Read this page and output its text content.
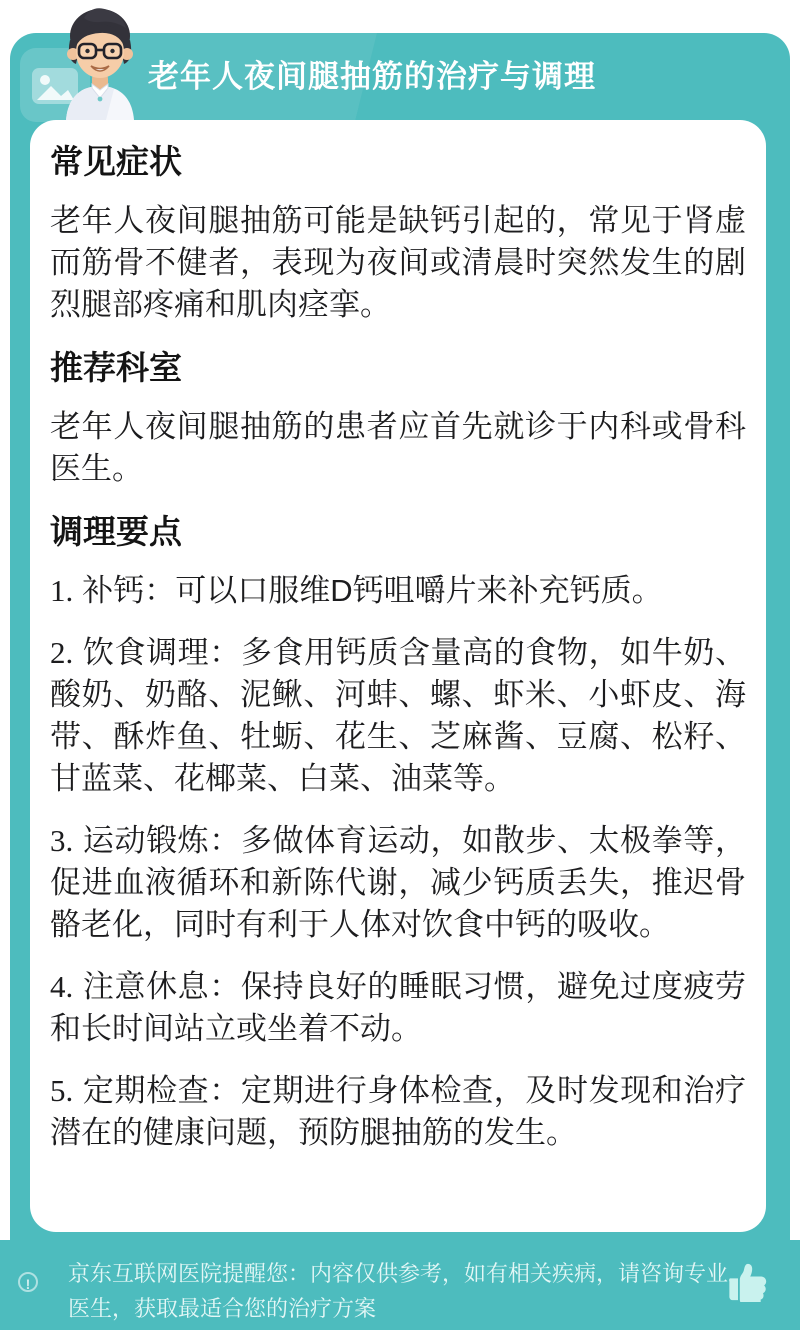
老年人夜间腿抽筋的治疗与调理
常见症状

老年人夜间腿抽筋可能是缺钙引起的，常见于肾虚而筋骨不健者，表现为夜间或清晨时突然发生的剧烈腿部疼痛和肌肉痉挛。

推荐科室

老年人夜间腿抽筋的患者应首先就诊于内科或骨科医生。

调理要点

1. 补钙：可以口服维D钙咀嚼片来补充钙质。

2. 饮食调理：多食用钙质含量高的食物，如牛奶、酸奶、奶酪、泥鳅、河蚌、螺、虾米、小虾皮、海带、酥炸鱼、牡蛎、花生、芝麻酱、豆腐、松籽、甘蓝菜、花椰菜、白菜、油菜等。

3. 运动锻炼：多做体育运动，如散步、太极拳等，促进血液循环和新陈代谢，减少钙质丢失，推迟骨骼老化，同时有利于人体对饮食中钙的吸收。

4. 注意休息：保持良好的睡眠习惯，避免过度疲劳和长时间站立或坐着不动。

5. 定期检查：定期进行身体检查，及时发现和治疗潜在的健康问题，预防腿抽筋的发生。

!	京东互联网医院提醒您：内容仅供参考，如有相关疾病，请咨询专业医生，获取最适合您的治疗方案
